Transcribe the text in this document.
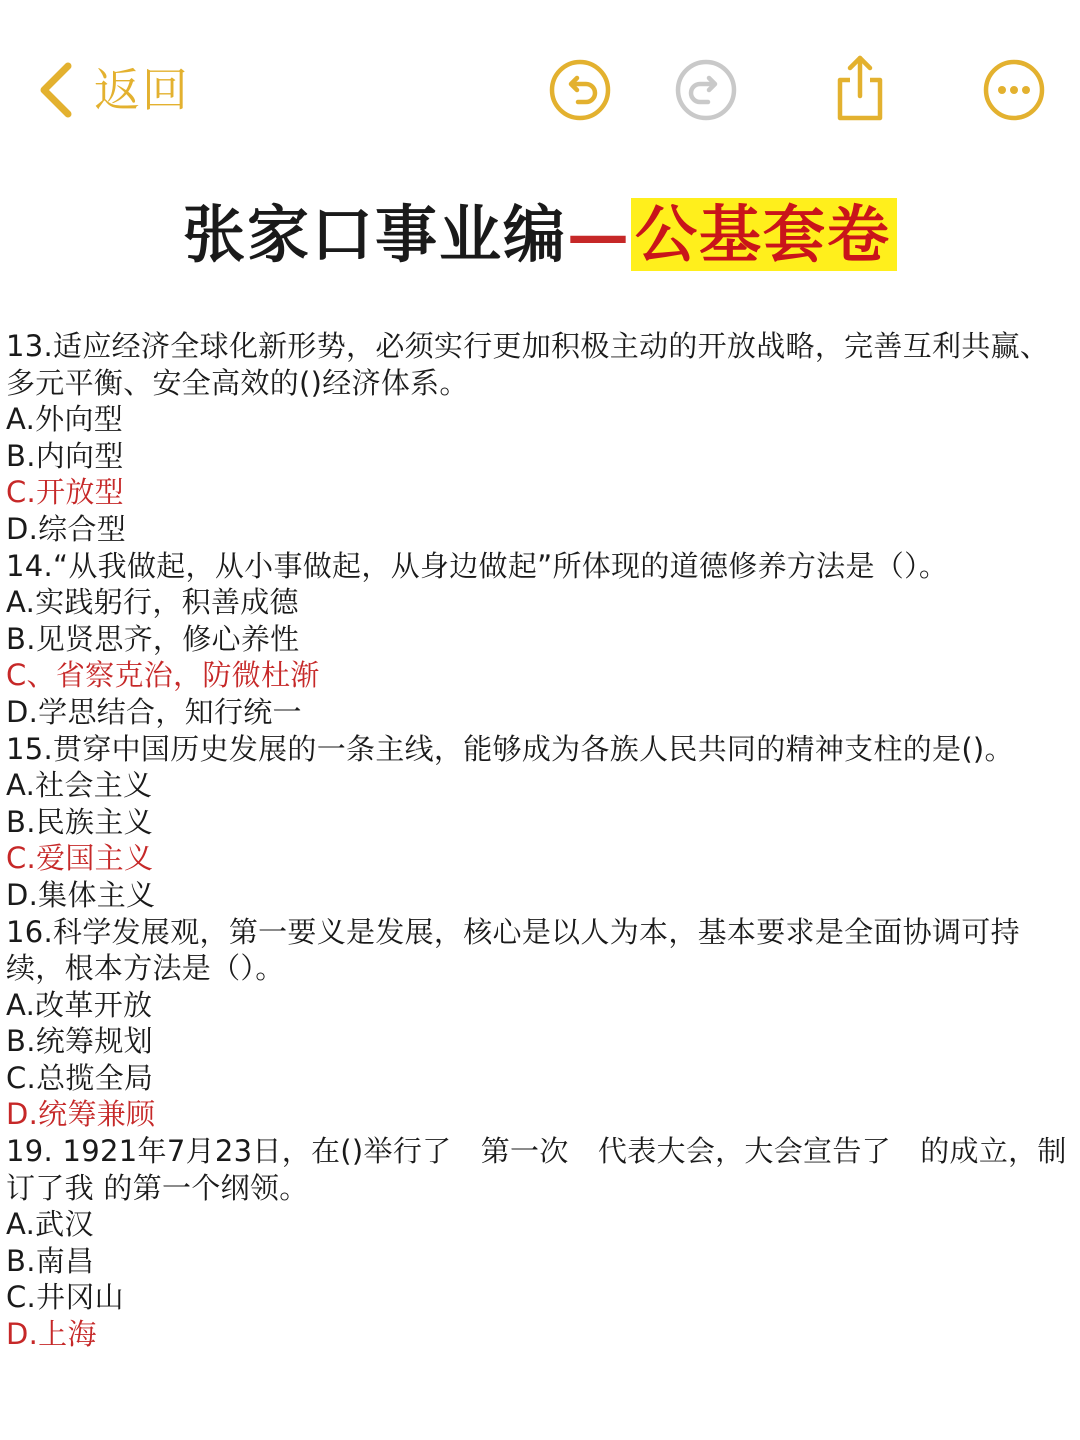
返回
张家口事业编—公基套卷
13.适应经济全球化新形势，必须实行更加积极主动的开放战略，完善互利共赢、多元平衡、安全高效的()经济体系。
A.外向型
B.内向型
C.开放型
D.综合型
14.“从我做起，从小事做起，从身边做起”所体现的道德修养方法是（）。
A.实践躬行，积善成德
B.见贤思齐，修心养性
C、省察克治，防微杜渐
D.学思结合，知行统一
15.贯穿中国历史发展的一条主线，能够成为各族人民共同的精神支柱的是()。
A.社会主义
B.民族主义
C.爱国主义
D.集体主义
16.科学发展观，第一要义是发展，核心是以人为本，基本要求是全面协调可持续，根本方法是（）。
A.改革开放
B.统筹规划
C.总揽全局
D.统筹兼顾
19. 1921年7月23日，在()举行了　第一次　代表大会，大会宣告了　的成立，制订了我 的第一个纲领。
A.武汉
B.南昌
C.井冈山
D.上海
